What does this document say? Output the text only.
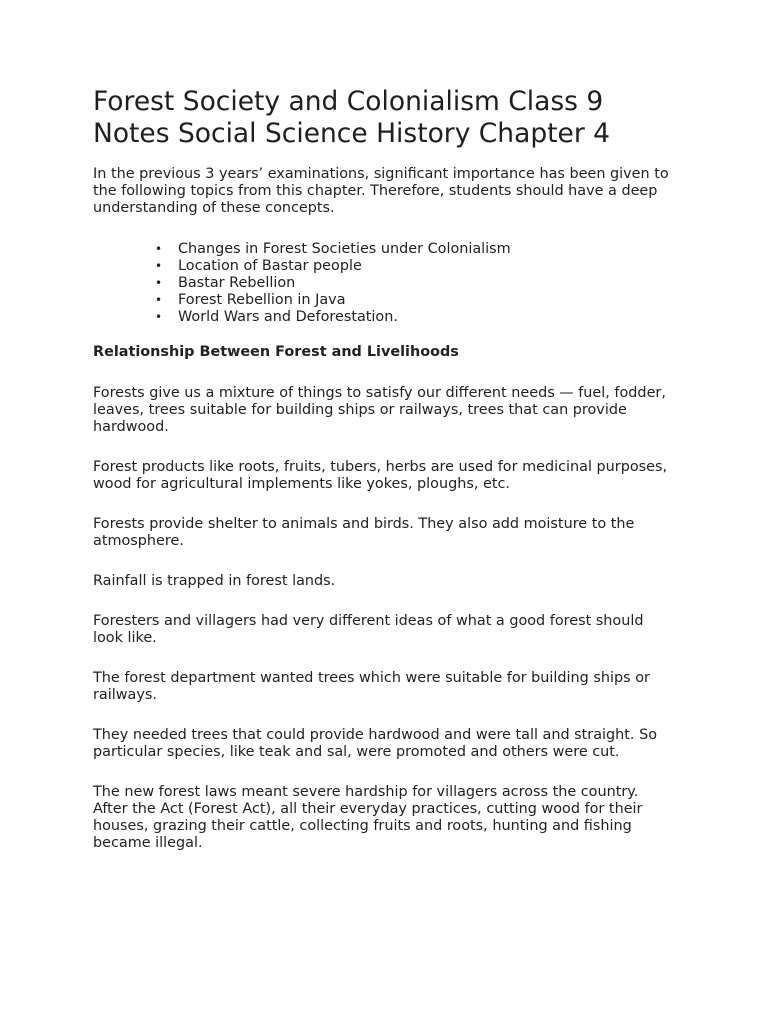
Forest Society and Colonialism Class 9 Notes Social Science History Chapter 4

In the previous 3 years’ examinations, significant importance has been given to the following topics from this chapter. Therefore, students should have a deep understanding of these concepts.

• Changes in Forest Societies under Colonialism
• Location of Bastar people
• Bastar Rebellion
• Forest Rebellion in Java
• World Wars and Deforestation.
Relationship Between Forest and Livelihoods

Forests give us a mixture of things to satisfy our different needs — fuel, fodder, leaves, trees suitable for building ships or railways, trees that can provide hardwood.

Forest products like roots, fruits, tubers, herbs are used for medicinal purposes, wood for agricultural implements like yokes, ploughs, etc.

Forests provide shelter to animals and birds. They also add moisture to the atmosphere.

Rainfall is trapped in forest lands.

Foresters and villagers had very different ideas of what a good forest should look like.

The forest department wanted trees which were suitable for building ships or railways.

They needed trees that could provide hardwood and were tall and straight. So particular species, like teak and sal, were promoted and others were cut.

The new forest laws meant severe hardship for villagers across the country. After the Act (Forest Act), all their everyday practices, cutting wood for their houses, grazing their cattle, collecting fruits and roots, hunting and fishing became illegal.
